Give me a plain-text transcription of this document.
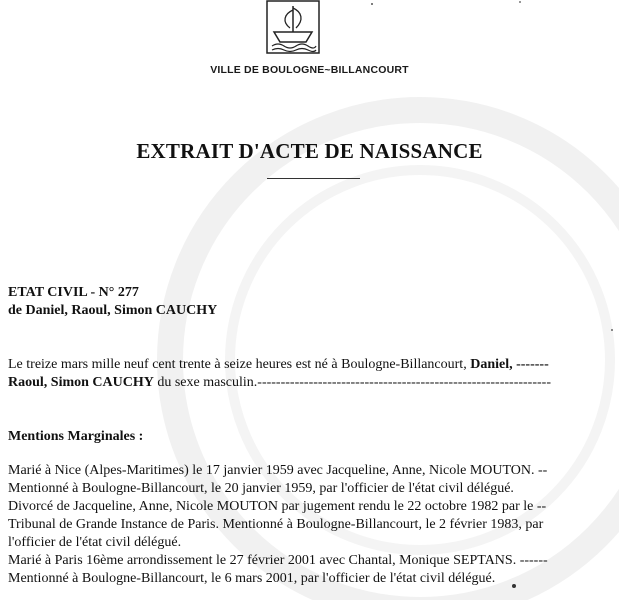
VILLE DE BOULOGNE~BILLANCOURT
EXTRAIT D'ACTE DE NAISSANCE
ETAT CIVIL - N° 277
de Daniel, Raoul, Simon CAUCHY
Le treize mars mille neuf cent trente à seize heures est né à Boulogne-Billancourt, Daniel, -------
Raoul, Simon CAUCHY du sexe masculin.---------------------------------------------------------------
Mentions Marginales :
Marié à Nice (Alpes-Maritimes) le 17 janvier 1959 avec Jacqueline, Anne, Nicole MOUTON. --
Mentionné à Boulogne-Billancourt, le 20 janvier 1959, par l'officier de l'état civil délégué.
Divorcé de Jacqueline, Anne, Nicole MOUTON par jugement rendu le 22 octobre 1982 par le --
Tribunal de Grande Instance de Paris. Mentionné à Boulogne-Billancourt, le 2 février 1983, par
l'officier de l'état civil délégué.
Marié à Paris 16ème arrondissement le 27 février 2001 avec Chantal, Monique SEPTANS. ------
Mentionné à Boulogne-Billancourt, le 6 mars 2001, par l'officier de l'état civil délégué.
